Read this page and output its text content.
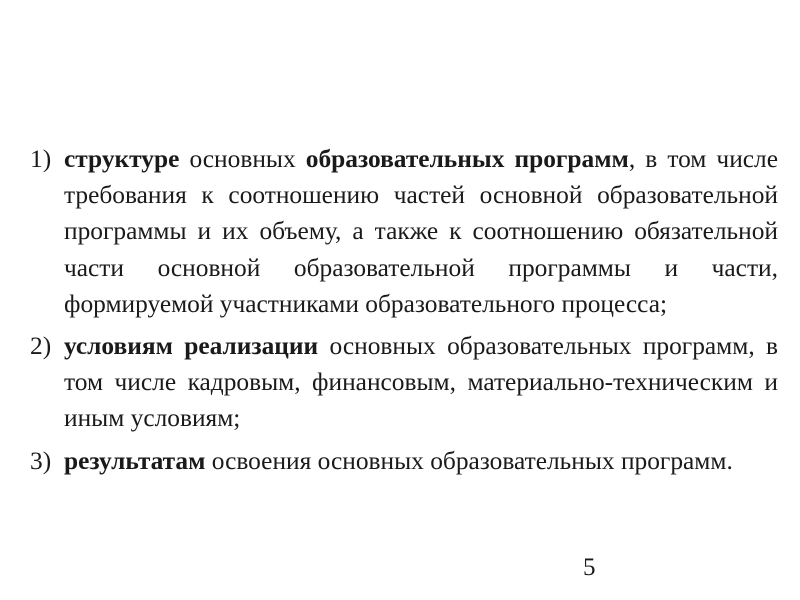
1) структуре основных образовательных программ, в том числе требования к соотношению частей основной образовательной программы и их объему, а также к соотношению обязательной части основной образовательной программы и части, формируемой участниками образовательного процесса;
2) условиям реализации основных образовательных программ, в том числе кадровым, финансовым, материально-техническим и иным условиям;
3) результатам освоения основных образовательных программ.
5
